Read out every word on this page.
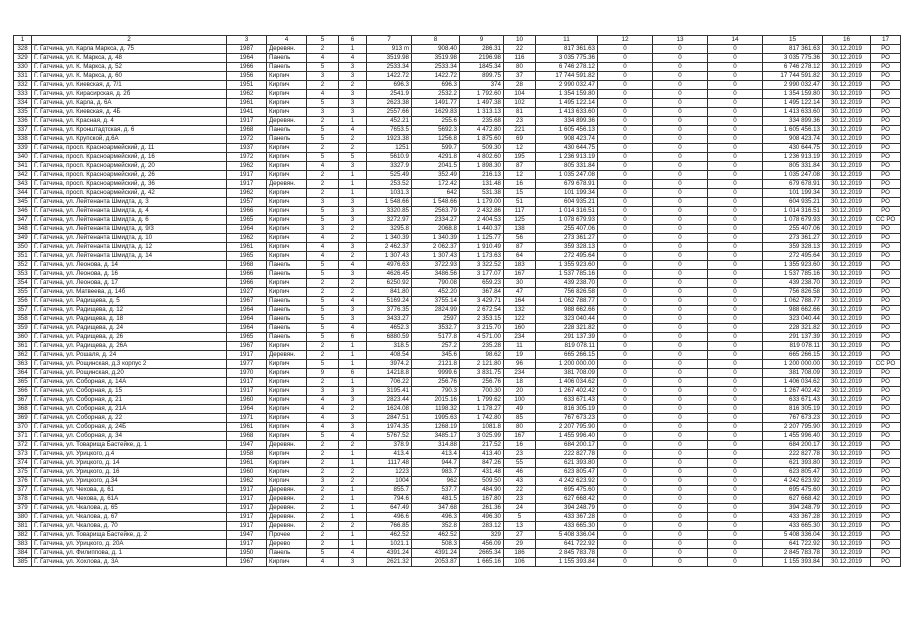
1	2	3	4	5	6	7	8	9	10	11	12	13	14	15	16	17
328	Г. Гатчина, ул. Карла Маркса, д. 75	1987	Деревян.	2	1	913 m	908.40	286.31	22	817 361.63	0	0	0	817 361.63	30.12.2019	РО
329	Г. Гатчина, ул. К. Маркса, д. 48	1964	Панель	4	4	3519.98	3519.98	2196.98	116	3 035 775.36	0	0	0	3 035 775.36	30.12.2019	РО
330	Г. Гатчина, ул. К. Маркса, д. 52	1966	Панель	5	3	2533.34	2533.34	1845.34	80	6 746 278.12	0	0	0	6 746 278.12	30.12.2019	РО
331	Г. Гатчина, ул. К. Маркса, д. 60	1956	Кирпич	3	3	1422.72	1422.72	899.75	37	17 744 591.82	0	0	0	17 744 591.82	30.12.2019	РО
332	Г. Гатчина, ул. Киевская, д. 7/1	1951	Кирпич	2	2	696.3	696.3	374	28	2 990 032.47	0	0	0	2 990 032.47	30.12.2019	РО
333	Г. Гатчина, ул. Кирасирская, д. 2б	1962	Кирпич	4	3	2541.9	2532.2	1 792.60	104	1 354 159.80	0	0	0	1 354 159.80	30.12.2019	РО
334	Г. Гатчина, ул. Карла, д. 6А	1961	Кирпич	5	3	2623.38	1491.77	1 497.38	102	1 495 122.14	0	0	0	1 495 122.14	30.12.2019	РО
335	Г. Гатчина, ул. Киевская, д. 4Б	1941	Кирпич	3	3	2557.66	1629.83	1 313.13	81	1 413 633.60	0	0	0	1 413 633.60	30.12.2019	РО
336	Г. Гатчина, ул. Красная, д. 4	1917	Деревян.	2	1	452.21	255.6	235.68	23	334 899.36	0	0	0	334 899.36	30.12.2019	РО
337	Г. Гатчина, ул. Кронштадтская, д. 6	1968	Панель	5	4	7653.5	5692.3	4 472.80	221	1 605 456.13	0	0	0	1 605 456.13	30.12.2019	РО
338	Г. Гатчина, ул. Крупской, д.6А	1972	Панель	5	2	1923.38	1256.8	1 875.60	69	908 423.74	0	0	0	908 423.74	30.12.2019	РО
339	Г. Гатчина, просп. Красноармейский, д. 11	1937	Кирпич	2	2	1251	599.7	509.30	12	430 644.75	0	0	0	430 644.75	30.12.2019	РО
340	Г. Гатчина, просп. Красноармейский, д. 16	1972	Кирпич	5	5	5610.9	4291.8	4 802.60	195	1 236 913.19	0	0	0	1 236 913.19	30.12.2019	РО
341	Г. Гатчина, просп. Красноармейский, д. 20	1962	Кирпич	4	3	3327.9	2041.5	1 898.30	87	805 331.84	0	0	0	805 331.84	30.12.2019	РО
342	Г. Гатчина, просп. Красноармейский, д. 26	1917	Кирпич	2	1	525.49	352.49	216.13	12	1 035 247.08	0	0	0	1 035 247.08	30.12.2019	РО
343	Г. Гатчина, просп. Красноармейский, д. 36	1917	Деревян.	2	1	253.52	172.42	131.48	16	679 678.91	0	0	0	679 678.91	30.12.2019	РО
344	Г. Гатчина, просп. Красноармейский, д. 42	1962	Кирпич	2	1	1031.3	642	531.38	15	101 199.34	0	0	0	101 199.34	30.12.2019	РО
345	Г. Гатчина, ул. Лейтенанта Шмидта, д. 3	1957	Кирпич	3	3	1 548.66	1 548.66	1 179.00	51	604 935.21	0	0	0	604 935.21	30.12.2019	РО
346	Г. Гатчина, ул. Лейтенанта Шмидта, д. 4	1966	Кирпич	5	3	3320.85	2563.79	2 432.86	117	1 014 316.51	0	0	0	1 014 316.51	30.12.2019	РО
347	Г. Гатчина, ул. Лейтенанта Шмидта, д. 6	1965	Кирпич	5	3	3272.97	2334.27	2 404.53	125	1 078 679.93	0	0	0	1 078 679.93	30.12.2019	СС РО
348	Г. Гатчина, ул. Лейтенанта Шмидта, д. 9/3	1964	Кирпич	3	2	3295.8	2068.8	1 440.37	138	255 407.06	0	0	0	255 407.06	30.12.2019	РО
349	Г. Гатчина, ул. Лейтенанта Шмидта, д. 10	1962	Кирпич	4	2	1 340.39	1 340.39	1 125.77	56	273 361.27	0	0	0	273 361.27	30.12.2019	РО
350	Г. Гатчина, ул. Лейтенанта Шмидта, д. 12	1961	Кирпич	4	3	2 462.37	2 062.37	1 910.49	87	359 328.13	0	0	0	359 328.13	30.12.2019	РО
351	Г. Гатчина, ул. Лейтенанта Шмидта, д. 14	1965	Кирпич	4	2	1 307.43	1 307.43	1 173.63	64	272 495.64	0	0	0	272 495.64	30.12.2019	РО
352	Г. Гатчина, ул. Леонова, д. 14	1968	Панель	5	4	4976.63	3722.93	3 322.52	183	1 355 923.60	0	0	0	1 355 923.60	30.12.2019	РО
353	Г. Гатчина, ул. Леонова, д. 16	1966	Панель	5	3	4626.45	3486.56	3 177.07	167	1 537 785.16	0	0	0	1 537 785.16	30.12.2019	РО
354	Г. Гатчина, ул. Леонова, д. 17	1966	Кирпич	2	2	6250.92	790.08	659.23	30	439 238.70	0	0	0	439 238.70	30.12.2019	РО
355	Г. Гатчина, ул. Матвеева, д. 14б	1927	Кирпич	2	2	841.80	452.20	367.84	47	756 826.58	0	0	0	756 826.58	30.12.2019	РО
356	Г. Гатчина, ул. Радищева, д. 5	1967	Панель	5	4	5169.24	3755.14	3 429.71	164	1 062 788.77	0	0	0	1 062 788.77	30.12.2019	РО
357	Г. Гатчина, ул. Радищева, д. 12	1964	Панель	5	3	3776.35	2824.99	2 672.54	132	988 662.66	0	0	0	988 662.66	30.12.2019	РО
358	Г. Гатчина, ул. Радищева, д. 18	1964	Панель	5	3	3433.27	2597	2 353.15	122	323 040.44	0	0	0	323 040.44	30.12.2019	РО
359	Г. Гатчина, ул. Радищева, д. 24	1964	Панель	5	4	4652.3	3532.7	3 215.70	160	228 321.82	0	0	0	228 321.82	30.12.2019	РО
360	Г. Гатчина, ул. Радищева, д. 26	1965	Панель	5	6	6880.59	5177.8	4 571.00	234	291 137.39	0	0	0	291 137.39	30.12.2019	РО
361	Г. Гатчина, ул. Радищева, д. 26А	1967	Кирпич	2	1	318.5	257.2	235.28	11	819 078.11	0	0	0	819 078.11	30.12.2019	РО
362	Г. Гатчина, ул. Рошаля, д. 24	1917	Деревян.	2	1	408.54	345.6	98.62	19	665 266.15	0	0	0	665 266.15	30.12.2019	РО
363	Г. Гатчина, ул. Рощинская, д.3 корпус 2	1977	Кирпич	5	1	3974.2	2121.8	2 121.80	96	1 200 000.00	0	0	0	1 200 000.00	30.12.2019	СС РО
364	Г. Гатчина, ул. Рощинская, д.20	1970	Кирпич	9	6	14218.8	9999.6	3 831.75	234	381 708.09	0	0	0	381 708.09	30.12.2019	РО
365	Г. Гатчина, ул. Соборная, д. 14А	1917	Кирпич	2	1	706.22	256.76	256.76	18	1 406 034.62	0	0	0	1 406 034.62	30.12.2019	РО
366	Г. Гатчина, ул. Соборная, д. 15	1917	Кирпич	3	3	3195.41	790.3	700.30	20	1 267 402.42	0	0	0	1 267 402.42	30.12.2019	РО
367	Г. Гатчина, ул. Соборная, д. 21	1960	Кирпич	4	3	2823.44	2015.16	1 799.62	100	633 671.43	0	0	0	633 671.43	30.12.2019	РО
368	Г. Гатчина, ул. Соборная, д. 21А	1964	Кирпич	4	2	1624.08	1198.32	1 178.27	49	816 305.19	0	0	0	816 305.19	30.12.2019	РО
369	Г. Гатчина, ул. Соборная, д. 22	1971	Кирпич	4	3	2847.51	1995.63	1 742.80	85	767 673.23	0	0	0	767 673.23	30.12.2019	РО
370	Г. Гатчина, ул. Соборная, д. 24Б	1961	Кирпич	4	3	1974.35	1268.19	1081.8	80	2 207 795.90	0	0	0	2 207 795.90	30.12.2019	РО
371	Г. Гатчина, ул. Соборная, д. 34	1968	Кирпич	5	4	5767.52	3485.17	3 025.99	167	1 455 996.40	0	0	0	1 455 996.40	30.12.2019	РО
372	Г. Гатчина, ул. Товарища Бастейке, д. 1	1947	Деревян.	2	2	378.9	314.88	217.52	16	684 200.17	0	0	0	684 200.17	30.12.2019	РО
373	Г. Гатчина, ул. Урицкого, д.4	1958	Кирпич	2	1	413.4	413.4	413.40	23	222 827.78	0	0	0	222 827.78	30.12.2019	РО
374	Г. Гатчина, ул. Урицкого, д. 14	1961	Кирпич	2	1	1117.48	944.7	847.26	55	621 393.80	0	0	0	621 393.80	30.12.2019	РО
375	Г. Гатчина, ул. Урицкого, д. 16	1960	Кирпич	2	2	1223	983.7	431.48	46	623 805.47	0	0	0	623 805.47	30.12.2019	РО
376	Г. Гатчина, ул. Урицкого, д.34	1962	Кирпич	3	2	1004	962	509.50	43	4 242 623.92	0	0	0	4 242 623.92	30.12.2019	РО
377	Г. Гатчина, ул. Чехова, д. 61	1917	Деревян.	2	1	855.7	537.7	484.90	22	695 475.60	0	0	0	695 475.60	30.12.2019	РО
378	Г. Гатчина, ул. Чехова, д. 61А	1917	Деревян.	2	1	794.6	481.5	167.80	23	627 668.42	0	0	0	627 668.42	30.12.2019	РО
379	Г. Гатчина, ул. Чкалова, д. 65	1917	Деревян.	2	1	647.49	347.68	261.36	24	394 248.79	0	0	0	394 248.79	30.12.2019	РО
380	Г. Гатчина, ул. Чкалова, д. 67	1917	Деревян.	2	1	496.6	496.3	496.30	5	433 367.28	0	0	0	433 367.28	30.12.2019	РО
381	Г. Гатчина, ул. Чкалова, д. 70	1917	Деревян.	2	2	766.85	352.8	283.12	13	433 665.30	0	0	0	433 665.30	30.12.2019	РО
382	Г. Гатчина, ул. Товарища Бастейке, д. 2	1947	Прочее	2	1	462.52	462.52	329	27	5 408 336.04	0	0	0	5 408 336.04	30.12.2019	РО
383	Г. Гатчина, ул. Урицкого, д. 20А	1917	Дерево	2	1	1021.1	508.3	456.09	29	641 722.92	0	0	0	641 722.92	30.12.2019	РО
384	Г. Гатчина, ул. Филиппова, д. 1	1950	Панель	5	4	4391.24	4391.24	2665.34	186	2 845 783.78	0	0	0	2 845 783.78	30.12.2019	РО
385	Г. Гатчина, ул. Хохлова, д. 3А	1967	Кирпич	4	3	2621.32	2053.87	1 665.16	106	1 155 393.84	0	0	0	1 155 393.84	30.12.2019	РО
